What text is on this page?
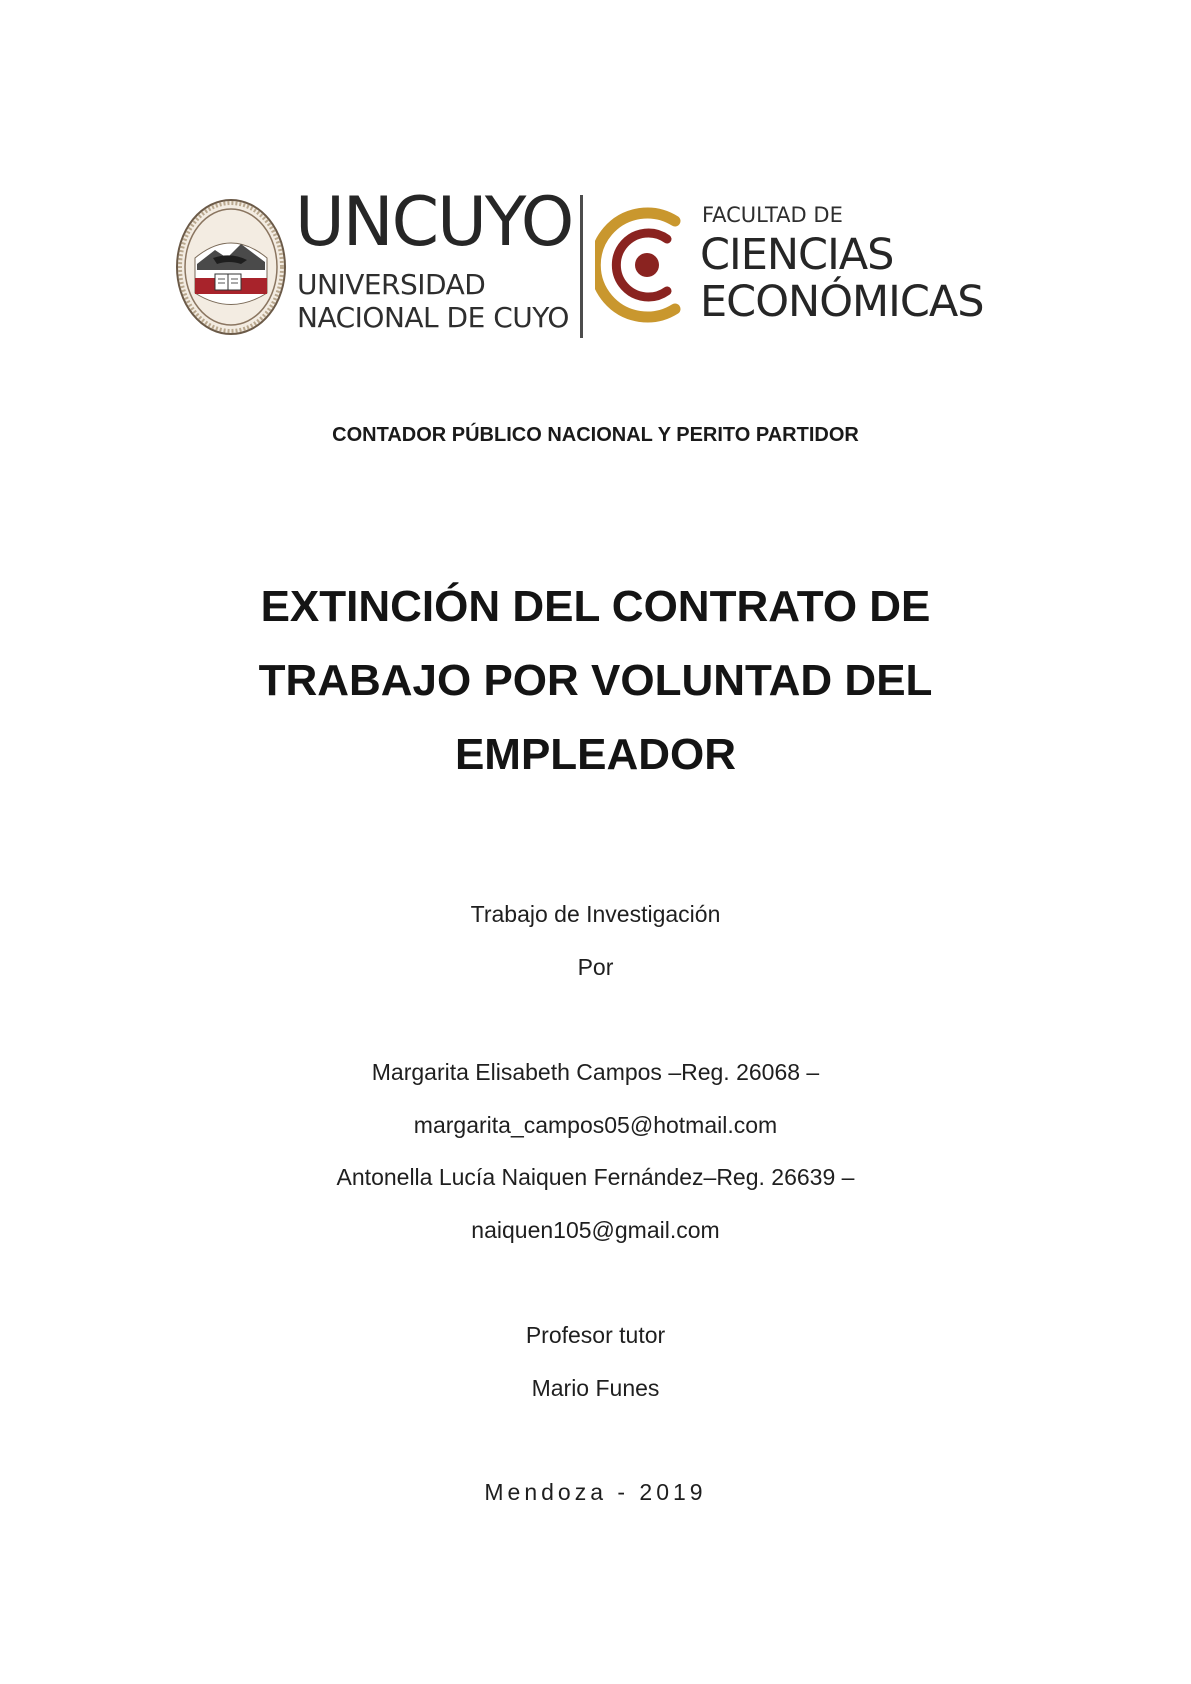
UNCUYO
UNIVERSIDAD
NACIONAL DE CUYO
FACULTAD DE
CIENCIAS
ECONÓMICAS
CONTADOR PÚBLICO NACIONAL Y PERITO PARTIDOR
EXTINCIÓN DEL CONTRATO DE
TRABAJO POR VOLUNTAD DEL
EMPLEADOR
Trabajo de Investigación
Por
Margarita Elisabeth Campos –Reg. 26068 –
margarita_campos05@hotmail.com
Antonella Lucía Naiquen Fernández–Reg. 26639 –
naiquen105@gmail.com
Profesor tutor
Mario Funes
Mendoza - 2019
